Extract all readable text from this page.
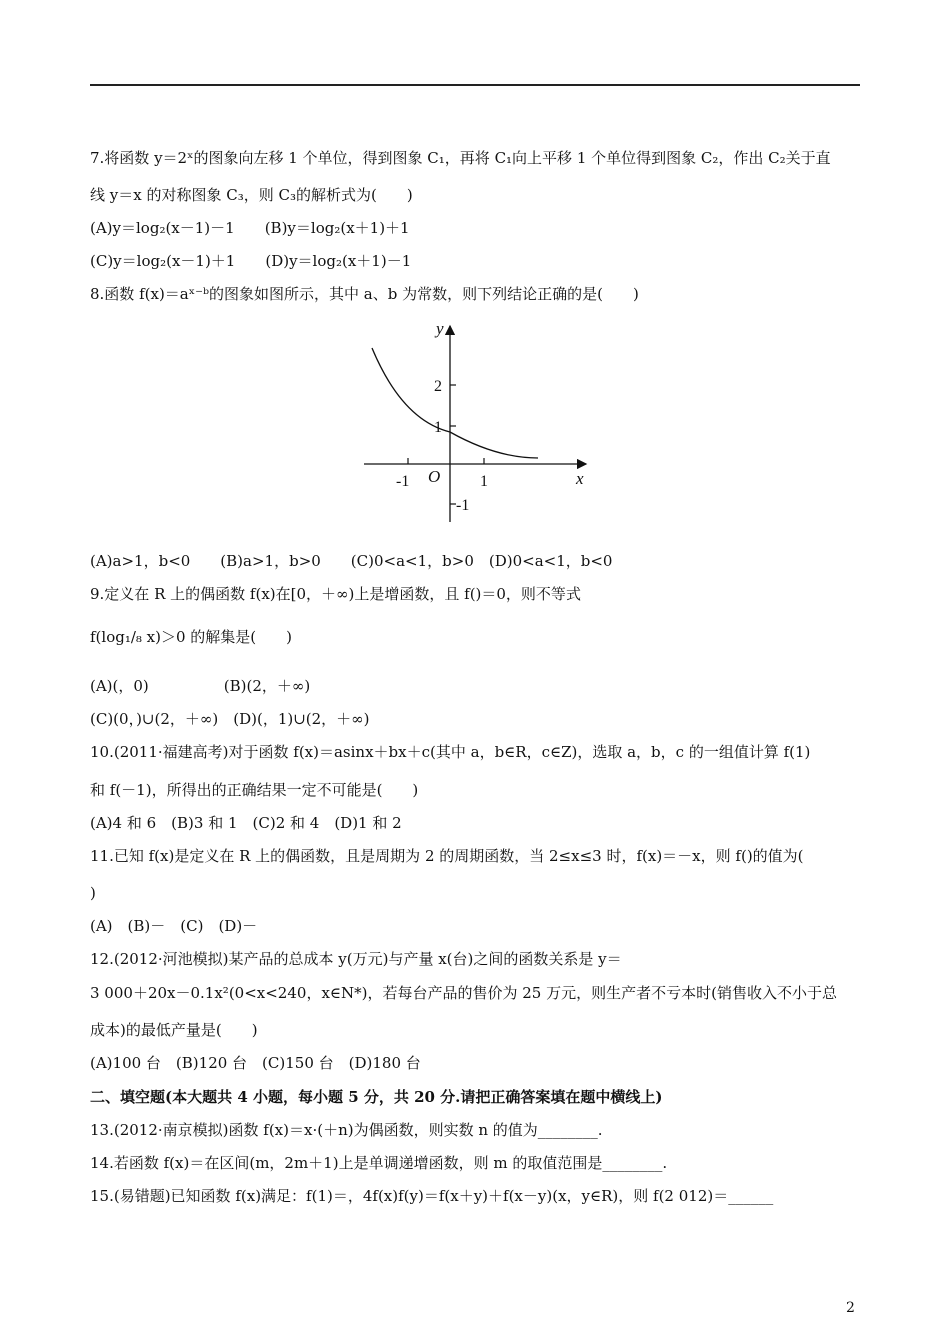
7.将函数 y＝2ˣ的图象向左移 1 个单位，得到图象 C₁，再将 C₁向上平移 1 个单位得到图象 C₂，作出 C₂关于直
线 y＝x 的对称图象 C₃，则 C₃的解析式为(　　)
(A)y＝log₂(x－1)－1　　(B)y＝log₂(x＋1)＋1
(C)y＝log₂(x－1)＋1　　(D)y＝log₂(x＋1)－1
8.函数 f(x)＝aˣ⁻ᵇ的图象如图所示，其中 a、b 为常数，则下列结论正确的是(　　)
y
x
O
2
1
-1	1
-1
(A)a>1，b<0　　(B)a>1，b>0　　(C)0<a<1，b>0　(D)0<a<1，b<0
9.定义在 R 上的偶函数 f(x)在[0，＋∞)上是增函数，且 f()＝0，则不等式
f(log₁/₈ x)＞0 的解集是(　　)
(A)(，0)　　　　　(B)(2，＋∞)
(C)(0，)∪(2，＋∞)　(D)(，1)∪(2，＋∞)
10.(2011·福建高考)对于函数 f(x)＝asinx＋bx＋c(其中 a，b∈R，c∈Z)，选取 a，b，c 的一组值计算 f(1)
和 f(－1)，所得出的正确结果一定不可能是(　　)
(A)4 和 6　(B)3 和 1　(C)2 和 4　(D)1 和 2
11.已知 f(x)是定义在 R 上的偶函数，且是周期为 2 的周期函数，当 2≤x≤3 时，f(x)＝－x，则 f()的值为(
)
(A)　(B)－　(C)　(D)－
12.(2012·河池模拟)某产品的总成本 y(万元)与产量 x(台)之间的函数关系是 y＝
3 000＋20x－0.1x²(0<x<240，x∈N*)，若每台产品的售价为 25 万元，则生产者不亏本时(销售收入不小于总
成本)的最低产量是(　　)
(A)100 台　(B)120 台　(C)150 台　(D)180 台
二、填空题(本大题共 4 小题，每小题 5 分，共 20 分.请把正确答案填在题中横线上)
13.(2012·南京模拟)函数 f(x)＝x·(＋n)为偶函数，则实数 n 的值为________.
14.若函数 f(x)＝在区间(m，2m＋1)上是单调递增函数，则 m 的取值范围是________.
15.(易错题)已知函数 f(x)满足：f(1)＝，4f(x)f(y)＝f(x＋y)＋f(x－y)(x，y∈R)，则 f(2 012)＝______
2
